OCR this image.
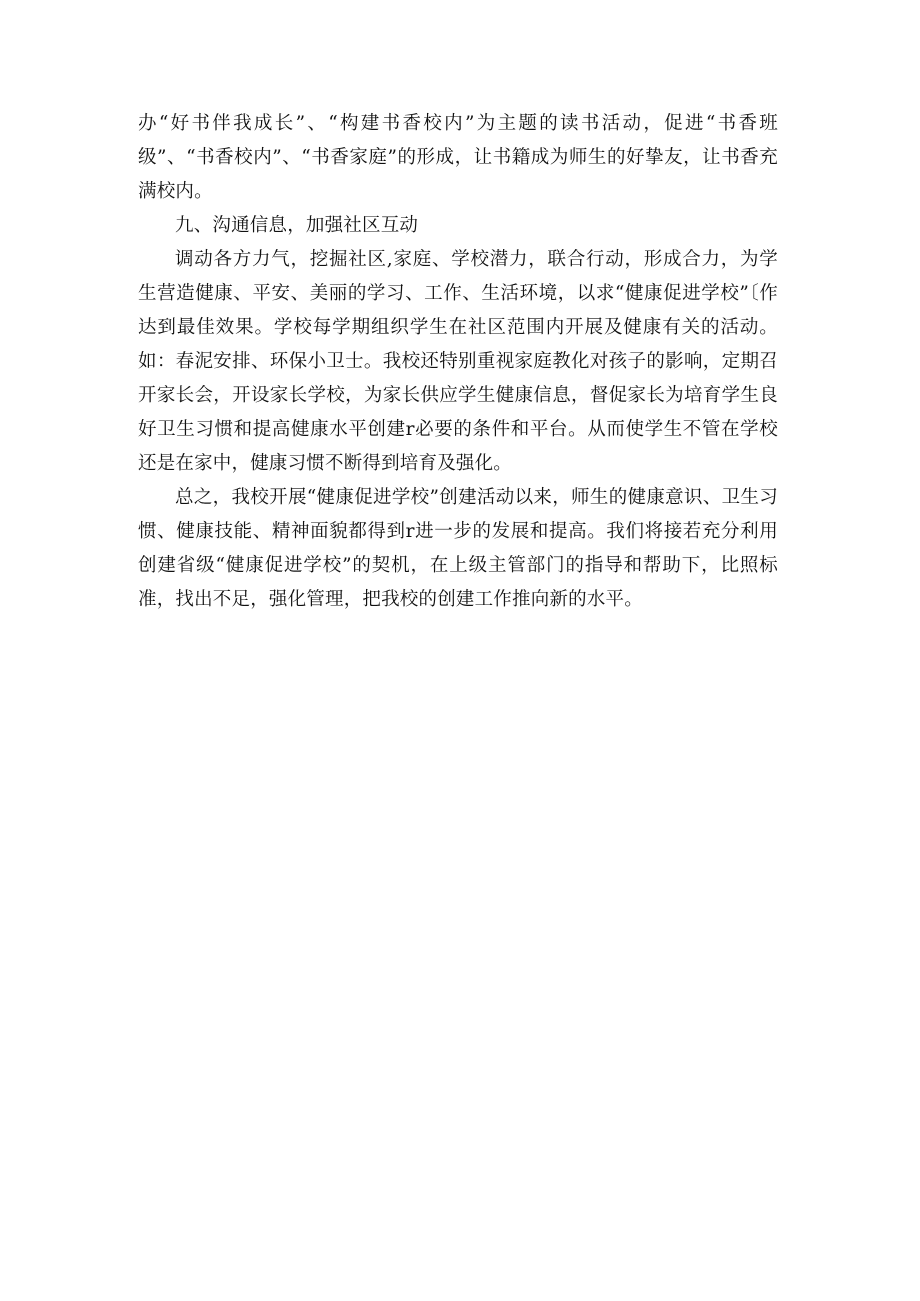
办“好书伴我成长”、“构建书香校内”为主题的读书活动，促进“书香班级”、“书香校内”、“书香家庭”的形成，让书籍成为师生的好挚友，让书香充满校内。

九、沟通信息，加强社区互动

调动各方力气，挖掘社区,家庭、学校潜力，联合行动，形成合力，为学生营造健康、平安、美丽的学习、工作、生活环境，以求“健康促进学校”〔作达到最佳效果。学校每学期组织学生在社区范围内开展及健康有关的活动。如：春泥安排、环保小卫士。我校还特别重视家庭教化对孩子的影响，定期召开家长会，开设家长学校，为家长供应学生健康信息，督促家长为培育学生良好卫生习惯和提高健康水平创建r必要的条件和平台。从而使学生不管在学校还是在家中，健康习惯不断得到培育及强化。

总之，我校开展“健康促进学校”创建活动以来，师生的健康意识、卫生习惯、健康技能、精神面貌都得到r进一步的发展和提高。我们将接若充分利用创建省级“健康促进学校”的契机，在上级主管部门的指导和帮助下，比照标准，找出不足，强化管理，把我校的创建工作推向新的水平。
